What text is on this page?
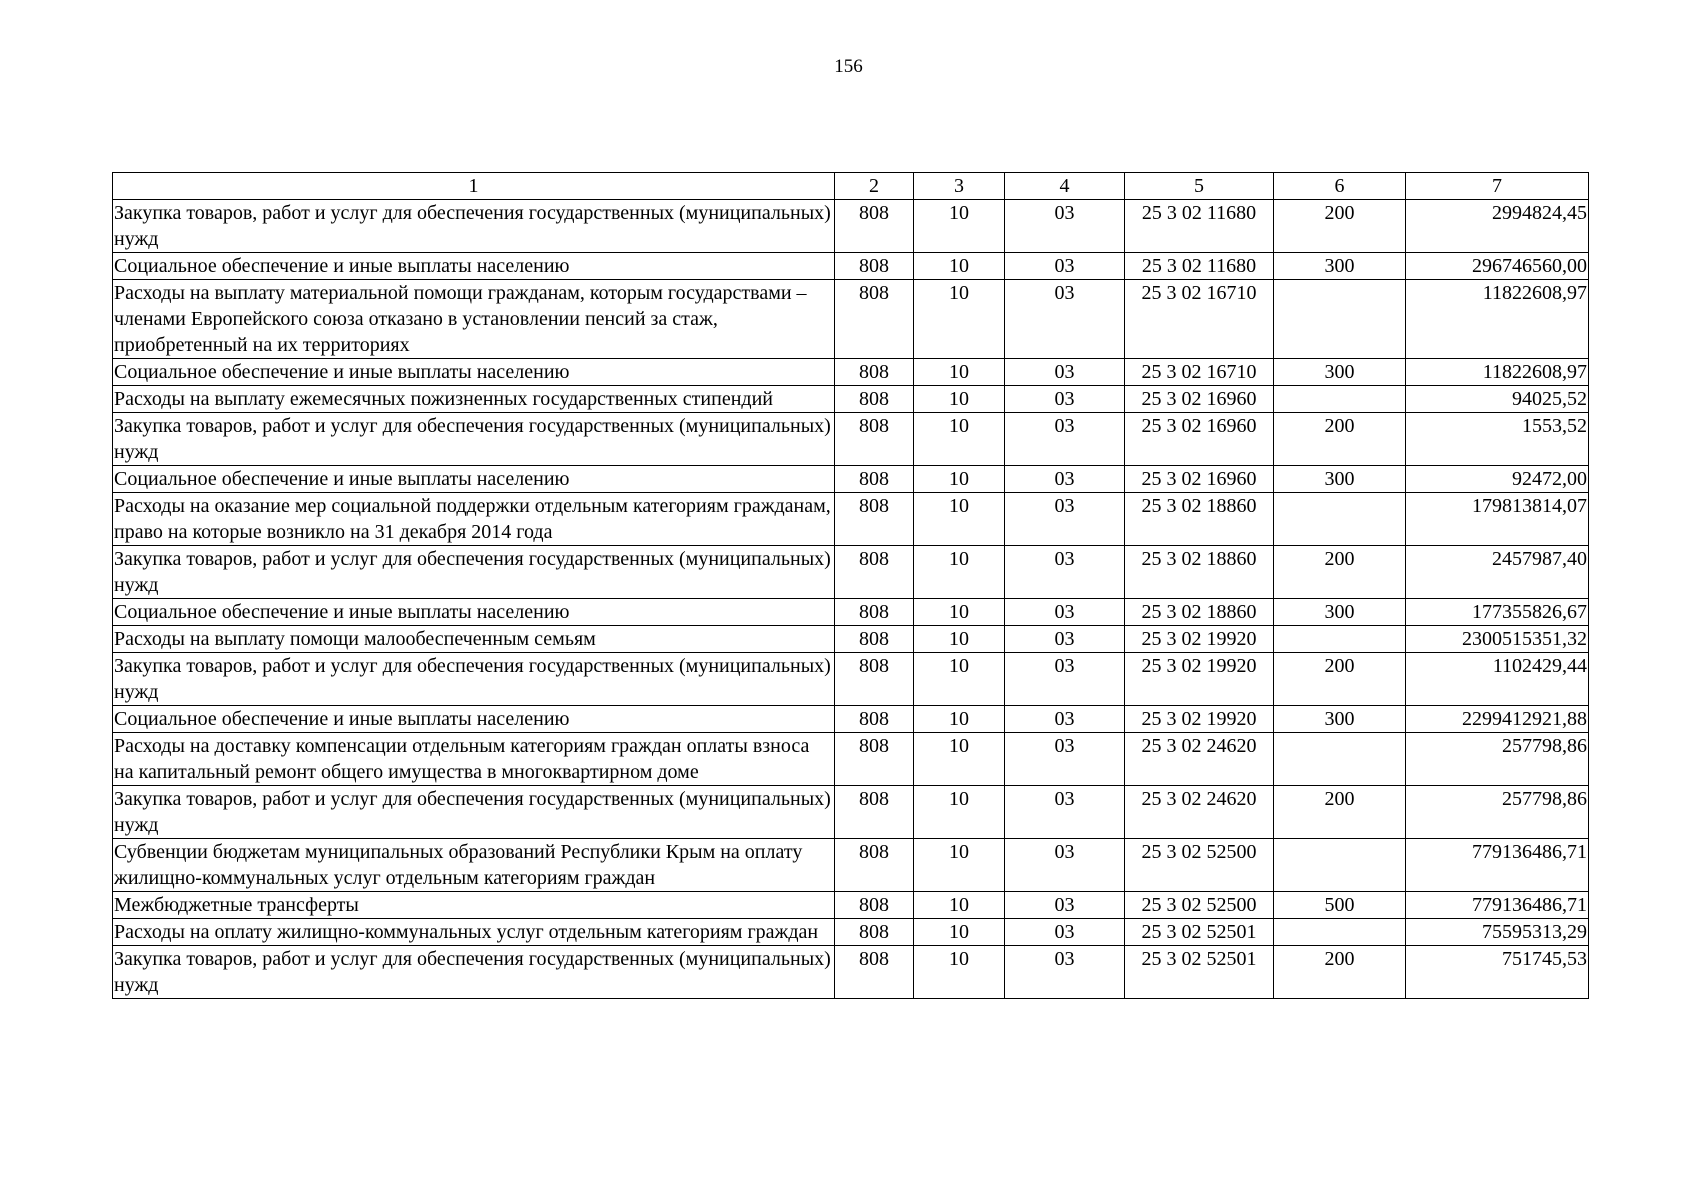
156
1	2	3	4	5	6	7
Закупка товаров, работ и услуг для обеспечения государственных (муниципальных) нужд	808	10	03	25 3 02 11680	200	2994824,45
Социальное обеспечение и иные выплаты населению	808	10	03	25 3 02 11680	300	296746560,00
Расходы на выплату материальной помощи гражданам, которым государствами – членами Европейского союза отказано в установлении пенсий за стаж, приобретенный на их территориях	808	10	03	25 3 02 16710		11822608,97
Социальное обеспечение и иные выплаты населению	808	10	03	25 3 02 16710	300	11822608,97
Расходы на выплату ежемесячных пожизненных государственных стипендий	808	10	03	25 3 02 16960		94025,52
Закупка товаров, работ и услуг для обеспечения государственных (муниципальных) нужд	808	10	03	25 3 02 16960	200	1553,52
Социальное обеспечение и иные выплаты населению	808	10	03	25 3 02 16960	300	92472,00
Расходы на оказание мер социальной поддержки отдельным категориям гражданам, право на которые возникло на 31 декабря 2014 года	808	10	03	25 3 02 18860		179813814,07
Закупка товаров, работ и услуг для обеспечения государственных (муниципальных) нужд	808	10	03	25 3 02 18860	200	2457987,40
Социальное обеспечение и иные выплаты населению	808	10	03	25 3 02 18860	300	177355826,67
Расходы на выплату помощи малообеспеченным семьям	808	10	03	25 3 02 19920		2300515351,32
Закупка товаров, работ и услуг для обеспечения государственных (муниципальных) нужд	808	10	03	25 3 02 19920	200	1102429,44
Социальное обеспечение и иные выплаты населению	808	10	03	25 3 02 19920	300	2299412921,88
Расходы на доставку компенсации отдельным категориям граждан оплаты взноса на капитальный ремонт общего имущества в многоквартирном доме	808	10	03	25 3 02 24620		257798,86
Закупка товаров, работ и услуг для обеспечения государственных (муниципальных) нужд	808	10	03	25 3 02 24620	200	257798,86
Субвенции бюджетам муниципальных образований Республики Крым на оплату жилищно-коммунальных услуг отдельным категориям граждан	808	10	03	25 3 02 52500		779136486,71
Межбюджетные трансферты	808	10	03	25 3 02 52500	500	779136486,71
Расходы на оплату жилищно-коммунальных услуг отдельным категориям граждан	808	10	03	25 3 02 52501		75595313,29
Закупка товаров, работ и услуг для обеспечения государственных (муниципальных) нужд	808	10	03	25 3 02 52501	200	751745,53
